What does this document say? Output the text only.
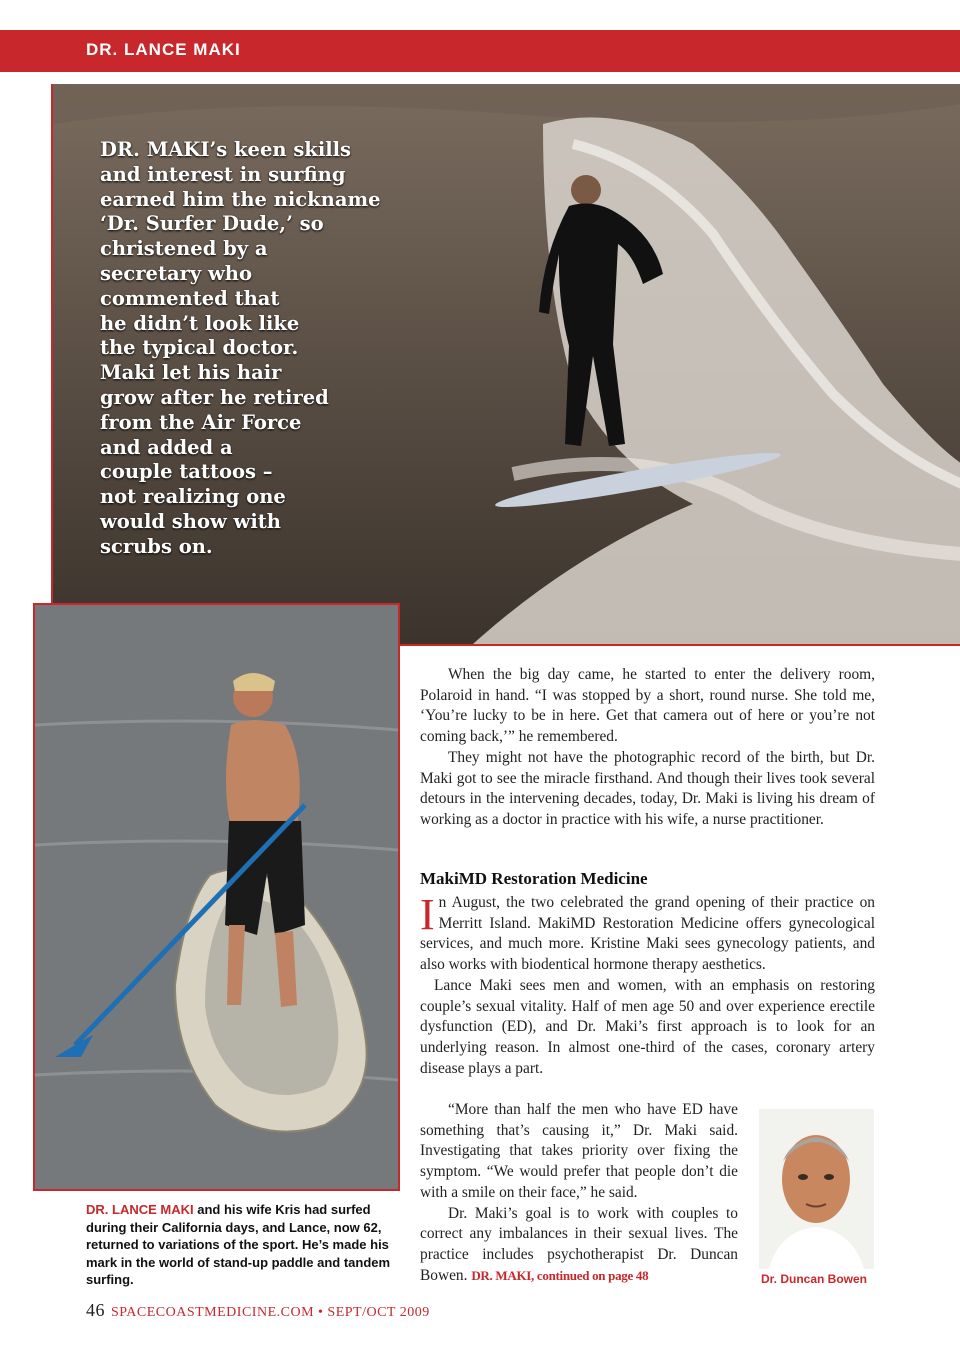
DR. LANCE MAKI
DR. MAKI’s keen skills
and interest in surfing
earned him the nickname
‘Dr. Surfer Dude,’ so
christened by a
secretary who
commented that
he didn’t look like
the typical doctor.
Maki let his hair
grow after he retired
from the Air Force
and added a
couple tattoos –
not realizing one
would show with
scrubs on.
DR. LANCE MAKI and his wife Kris had surfed during their California days, and Lance, now 62, returned to variations of the sport. He’s made his mark in the world of stand-up paddle and tandem surfing.

When the big day came, he started to enter the delivery room, Polaroid in hand. “I was stopped by a short, round nurse. She told me, ‘You’re lucky to be in here. Get that camera out of here or you’re not coming back,’” he remembered.

They might not have the photographic record of the birth, but Dr. Maki got to see the miracle firsthand. And though their lives took several detours in the intervening decades, today, Dr. Maki is living his dream of working as a doctor in practice with his wife, a nurse practitioner.

MakiMD Restoration Medicine

In August, the two celebrated the grand opening of their practice on Merritt Island. MakiMD Restoration Medicine offers gynecological services, and much more. Kristine Maki sees gynecology patients, and also works with biodentical hormone therapy aesthetics.

Lance Maki sees men and women, with an emphasis on restoring couple’s sexual vitality. Half of men age 50 and over experience erectile dysfunction (ED), and Dr. Maki’s first approach is to look for an underlying reason. In almost one-third of the cases, coronary artery disease plays a part.

“More than half the men who have ED have something that’s causing it,” Dr. Maki said. Investigating that takes priority over fixing the symptom. “We would prefer that people don’t die with a smile on their face,” he said.

Dr. Maki’s goal is to work with couples to correct any imbalances in their sexual lives. The practice includes psychotherapist Dr. Duncan Bowen. DR. MAKI, continued on page 48	Dr. Duncan Bowen
46 SPACECOASTMEDICINE.COM • SEPT/OCT 2009
